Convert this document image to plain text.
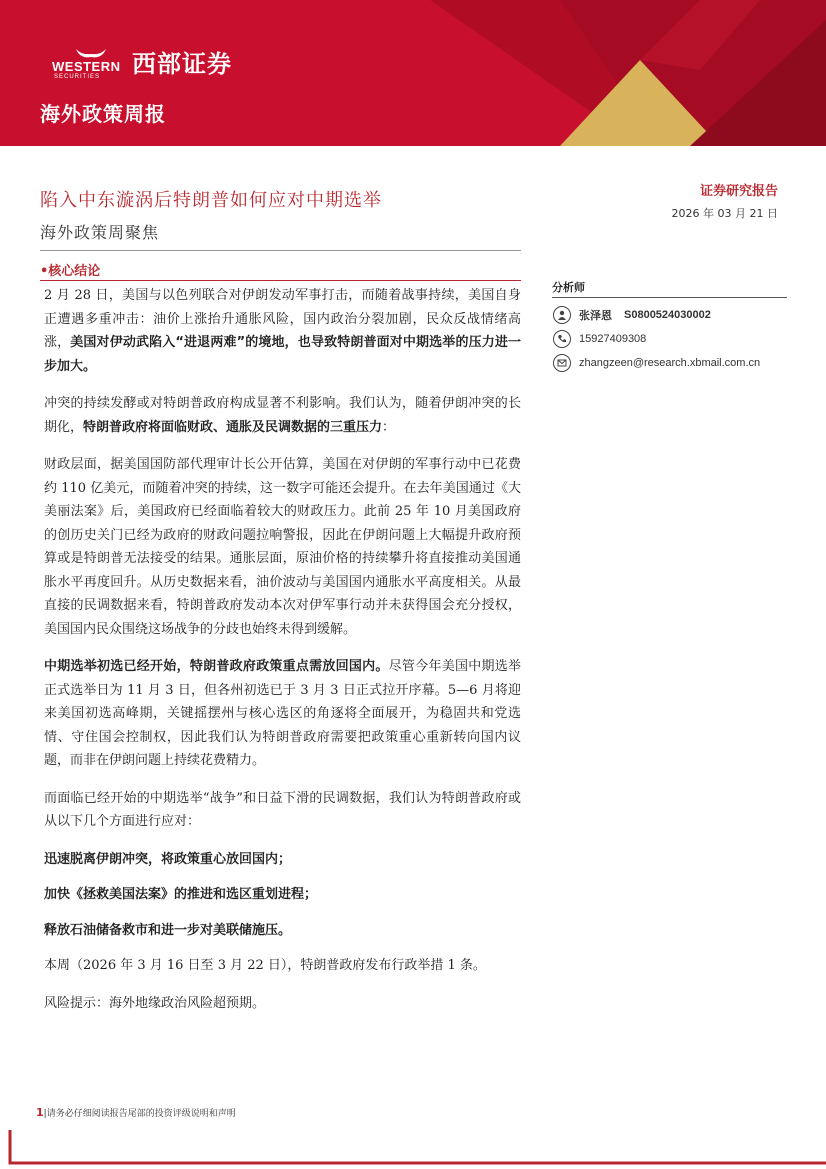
WESTERN
SECURITIES 西部证券
海外政策周报
陷入中东漩涡后特朗普如何应对中期选举	证券研究报告
2026 年 03 月 21 日
海外政策周聚焦
•核心结论

2 月 28 日，美国与以色列联合对伊朗发动军事打击，而随着战事持续，美国自身正遭遇多重冲击：油价上涨抬升通胀风险，国内政治分裂加剧，民众反战情绪高涨，美国对伊动武陷入“进退两难”的境地，也导致特朗普面对中期选举的压力进一步加大。

冲突的持续发酵或对特朗普政府构成显著不利影响。我们认为，随着伊朗冲突的长期化，特朗普政府将面临财政、通胀及民调数据的三重压力：

财政层面，据美国国防部代理审计长公开估算，美国在对伊朗的军事行动中已花费约 110 亿美元，而随着冲突的持续，这一数字可能还会提升。在去年美国通过《大美丽法案》后，美国政府已经面临着较大的财政压力。此前 25 年 10 月美国政府的创历史关门已经为政府的财政问题拉响警报，因此在伊朗问题上大幅提升政府预算或是特朗普无法接受的结果。通胀层面，原油价格的持续攀升将直接推动美国通胀水平再度回升。从历史数据来看，油价波动与美国国内通胀水平高度相关。从最直接的民调数据来看，特朗普政府发动本次对伊军事行动并未获得国会充分授权，美国国内民众围绕这场战争的分歧也始终未得到缓解。

中期选举初选已经开始，特朗普政府政策重点需放回国内。尽管今年美国中期选举正式选举日为 11 月 3 日，但各州初选已于 3 月 3 日正式拉开序幕。5—6 月将迎来美国初选高峰期，关键摇摆州与核心选区的角逐将全面展开，为稳固共和党选情、守住国会控制权，因此我们认为特朗普政府需要把政策重心重新转向国内议题，而非在伊朗问题上持续花费精力。

而面临已经开始的中期选举“战争”和日益下滑的民调数据，我们认为特朗普政府或从以下几个方面进行应对：

迅速脱离伊朗冲突，将政策重心放回国内；

加快《拯救美国法案》的推进和选区重划进程；

释放石油储备救市和进一步对美联储施压。

本周（2026 年 3 月 16 日至 3 月 22 日），特朗普政府发布行政举措 1 条。

风险提示：海外地缘政治风险超预期。

分析师
张泽恩 S0800524030002
15927409308
zhangzeen@research.xbmail.com.cn
1|请务必仔细阅读报告尾部的投资评级说明和声明
